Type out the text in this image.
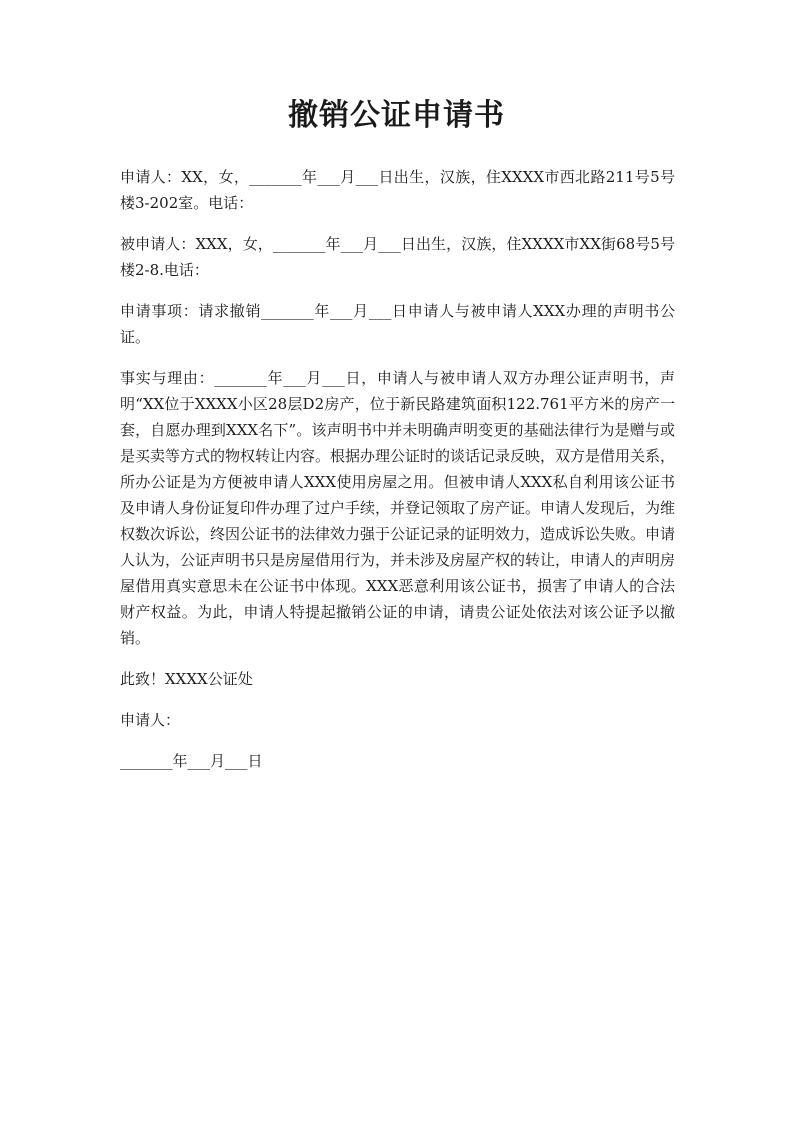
撤销公证申请书

申请人：XX，女，_______年___月___日出生，汉族，住XXXX市西北路211号5号楼3-202室。电话：

被申请人：XXX，女，_______年___月___日出生，汉族，住XXXX市XX街68号5号楼2-8.电话：

申请事项：请求撤销_______年___月___日申请人与被申请人XXX办理的声明书公证。

事实与理由：_______年___月___日，申请人与被申请人双方办理公证声明书，声明“XX位于XXXX小区28层D2房产，位于新民路建筑面积122.761平方米的房产一套，自愿办理到XXX名下”。该声明书中并未明确声明变更的基础法律行为是赠与或是买卖等方式的物权转让内容。根据办理公证时的谈话记录反映，双方是借用关系，所办公证是为方便被申请人XXX使用房屋之用。但被申请人XXX私自利用该公证书及申请人身份证复印件办理了过户手续，并登记领取了房产证。申请人发现后，为维权数次诉讼，终因公证书的法律效力强于公证记录的证明效力，造成诉讼失败。申请人认为，公证声明书只是房屋借用行为，并未涉及房屋产权的转让，申请人的声明房屋借用真实意思未在公证书中体现。XXX恶意利用该公证书，损害了申请人的合法财产权益。为此，申请人特提起撤销公证的申请，请贵公证处依法对该公证予以撤销。

此致！XXXX公证处

申请人：

_______年___月___日
